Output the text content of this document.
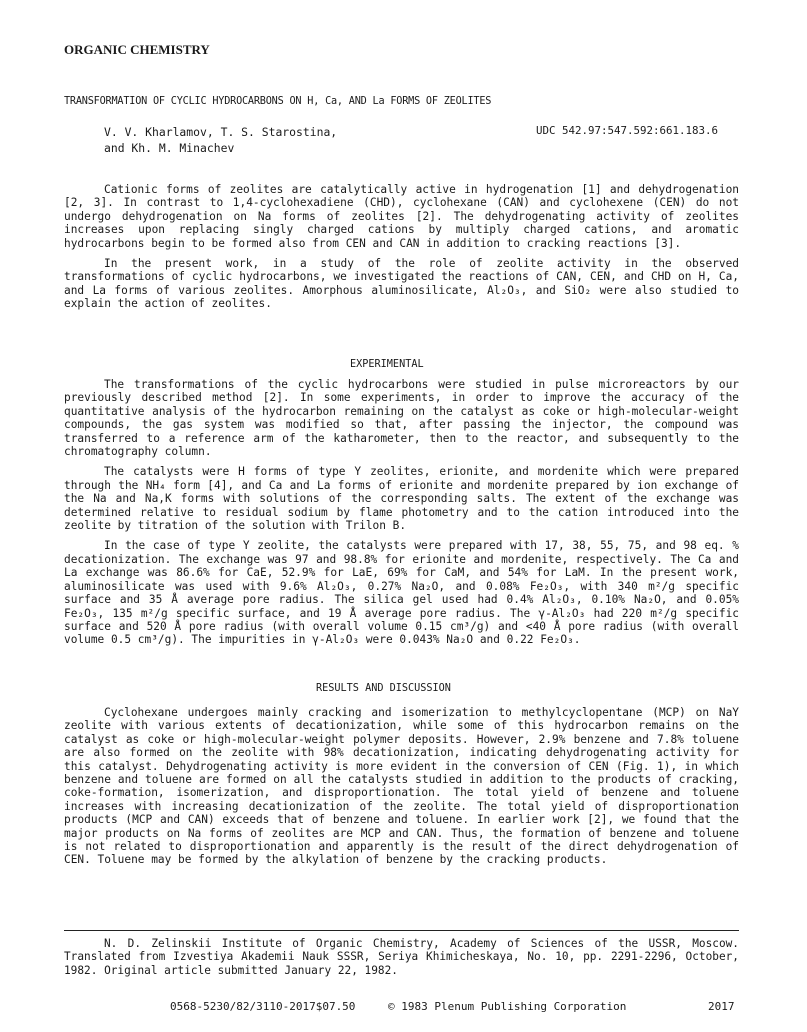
ORGANIC CHEMISTRY
TRANSFORMATION OF CYCLIC HYDROCARBONS ON H, Ca, AND La FORMS OF ZEOLITES
V. V. Kharlamov, T. S. Starostina,
and Kh. M. Minachev
UDC 542.97:547.592:661.183.6

Cationic forms of zeolites are catalytically active in hydrogenation [1] and dehydrogenation [2, 3]. In contrast to 1,4-cyclohexadiene (CHD), cyclohexane (CAN) and cyclohexene (CEN) do not undergo dehydrogenation on Na forms of zeolites [2]. The dehydrogenating activity of zeolites increases upon replacing singly charged cations by multiply charged cations, and aromatic hydrocarbons begin to be formed also from CEN and CAN in addition to cracking reactions [3].

In the present work, in a study of the role of zeolite activity in the observed transformations of cyclic hydrocarbons, we investigated the reactions of CAN, CEN, and CHD on H, Ca, and La forms of various zeolites. Amorphous aluminosilicate, Al₂O₃, and SiO₂ were also studied to explain the action of zeolites.

EXPERIMENTAL

The transformations of the cyclic hydrocarbons were studied in pulse microreactors by our previously described method [2]. In some experiments, in order to improve the accuracy of the quantitative analysis of the hydrocarbon remaining on the catalyst as coke or high-molecular-weight compounds, the gas system was modified so that, after passing the injector, the compound was transferred to a reference arm of the katharometer, then to the reactor, and subsequently to the chromatography column.

The catalysts were H forms of type Y zeolites, erionite, and mordenite which were prepared through the NH₄ form [4], and Ca and La forms of erionite and mordenite prepared by ion exchange of the Na and Na,K forms with solutions of the corresponding salts. The extent of the exchange was determined relative to residual sodium by flame photometry and to the cation introduced into the zeolite by titration of the solution with Trilon B.

In the case of type Y zeolite, the catalysts were prepared with 17, 38, 55, 75, and 98 eq. % decationization. The exchange was 97 and 98.8% for erionite and mordenite, respectively. The Ca and La exchange was 86.6% for CaE, 52.9% for LaE, 69% for CaM, and 54% for LaM. In the present work, aluminosilicate was used with 9.6% Al₂O₃, 0.27% Na₂O, and 0.08% Fe₂O₃, with 340 m²/g specific surface and 35 Å average pore radius. The silica gel used had 0.4% Al₂O₃, 0.10% Na₂O, and 0.05% Fe₂O₃, 135 m²/g specific surface, and 19 Å average pore radius. The γ-Al₂O₃ had 220 m²/g specific surface and 520 Å pore radius (with overall volume 0.15 cm³/g) and <40 Å pore radius (with overall volume 0.5 cm³/g). The impurities in γ-Al₂O₃ were 0.043% Na₂O and 0.22 Fe₂O₃.

RESULTS AND DISCUSSION

Cyclohexane undergoes mainly cracking and isomerization to methylcyclopentane (MCP) on NaY zeolite with various extents of decationization, while some of this hydrocarbon remains on the catalyst as coke or high-molecular-weight polymer deposits. However, 2.9% benzene and 7.8% toluene are also formed on the zeolite with 98% decationization, indicating dehydrogenating activity for this catalyst. Dehydrogenating activity is more evident in the conversion of CEN (Fig. 1), in which benzene and toluene are formed on all the catalysts studied in addition to the products of cracking, coke-formation, isomerization, and disproportionation. The total yield of benzene and toluene increases with increasing decationization of the zeolite. The total yield of disproportionation products (MCP and CAN) exceeds that of benzene and toluene. In earlier work [2], we found that the major products on Na forms of zeolites are MCP and CAN. Thus, the formation of benzene and toluene is not related to disproportionation and apparently is the result of the direct dehydrogenation of CEN. Toluene may be formed by the alkylation of benzene by the cracking products.

N. D. Zelinskii Institute of Organic Chemistry, Academy of Sciences of the USSR, Moscow. Translated from Izvestiya Akademii Nauk SSSR, Seriya Khimicheskaya, No. 10, pp. 2291-2296, October, 1982. Original article submitted January 22, 1982.

0568-5230/82/3110-2017$07.50	© 1983 Plenum Publishing Corporation	2017
